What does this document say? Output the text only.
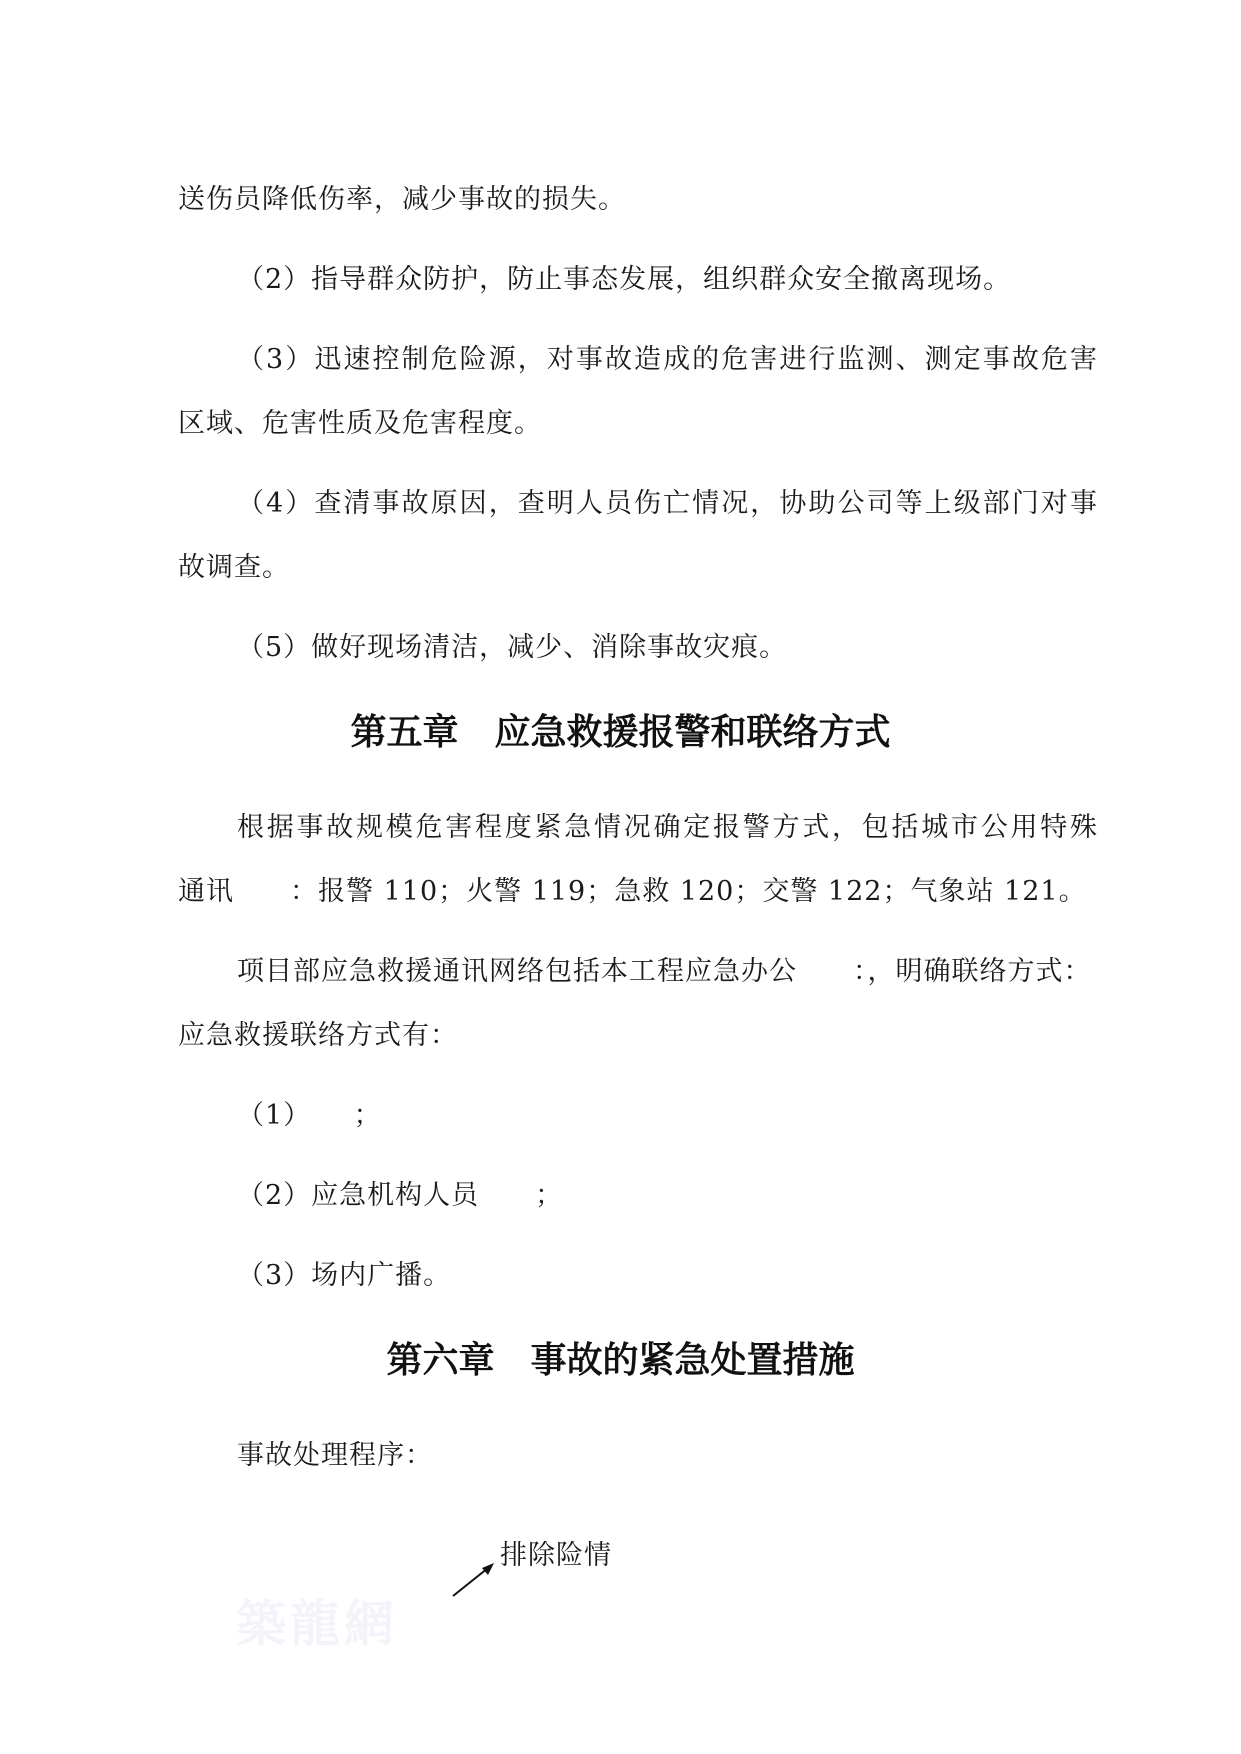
送伤员降低伤率，减少事故的损失。
（2）指导群众防护，防止事态发展，组织群众安全撤离现场。
（3）迅速控制危险源，对事故造成的危害进行监测、测定事故危害
区域、危害性质及危害程度。
（4）查清事故原因，查明人员伤亡情况，协助公司等上级部门对事
故调查。
（5）做好现场清洁，减少、消除事故灾痕。
第五章　应急救援报警和联络方式
根据事故规模危害程度紧急情况确定报警方式，包括城市公用特殊
通讯　　：报警 110；火警 119；急救 120；交警 122；气象站 121。
项目部应急救援通讯网络包括本工程应急办公　　：，明确联络方式：
应急救援联络方式有：
（1）　　；
（2）应急机构人员　　；
（3）场内广播。
第六章　事故的紧急处置措施
事故处理程序：
排除险情
築龍網
